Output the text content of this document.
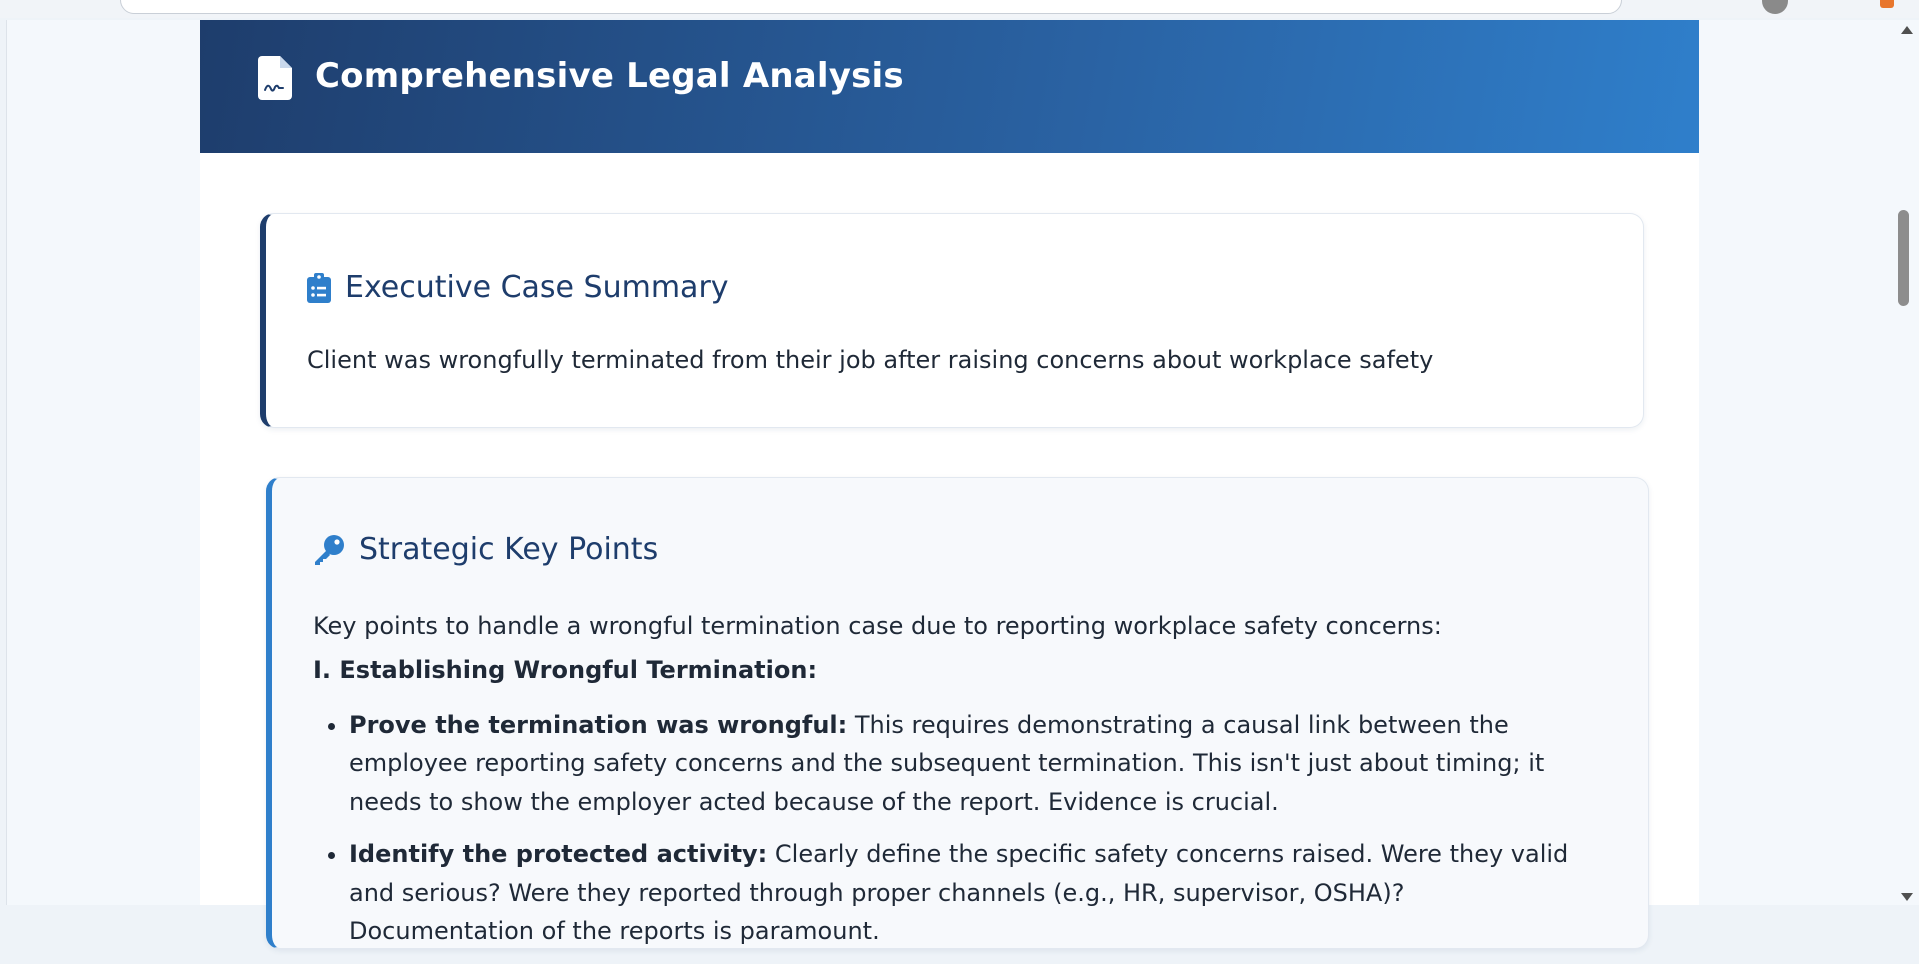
Comprehensive Legal Analysis
Executive Case Summary
Client was wrongfully terminated from their job after raising concerns about workplace safety
Strategic Key Points

Key points to handle a wrongful termination case due to reporting workplace safety concerns:

I. Establishing Wrongful Termination:

• Prove the termination was wrongful: This requires demonstrating a causal link between the employee reporting safety concerns and the subsequent termination. This isn't just about timing; it needs to show the employer acted because of the report. Evidence is crucial.
• Identify the protected activity: Clearly define the specific safety concerns raised. Were they valid and serious? Were they reported through proper channels (e.g., HR, supervisor, OSHA)? Documentation of the reports is paramount.
